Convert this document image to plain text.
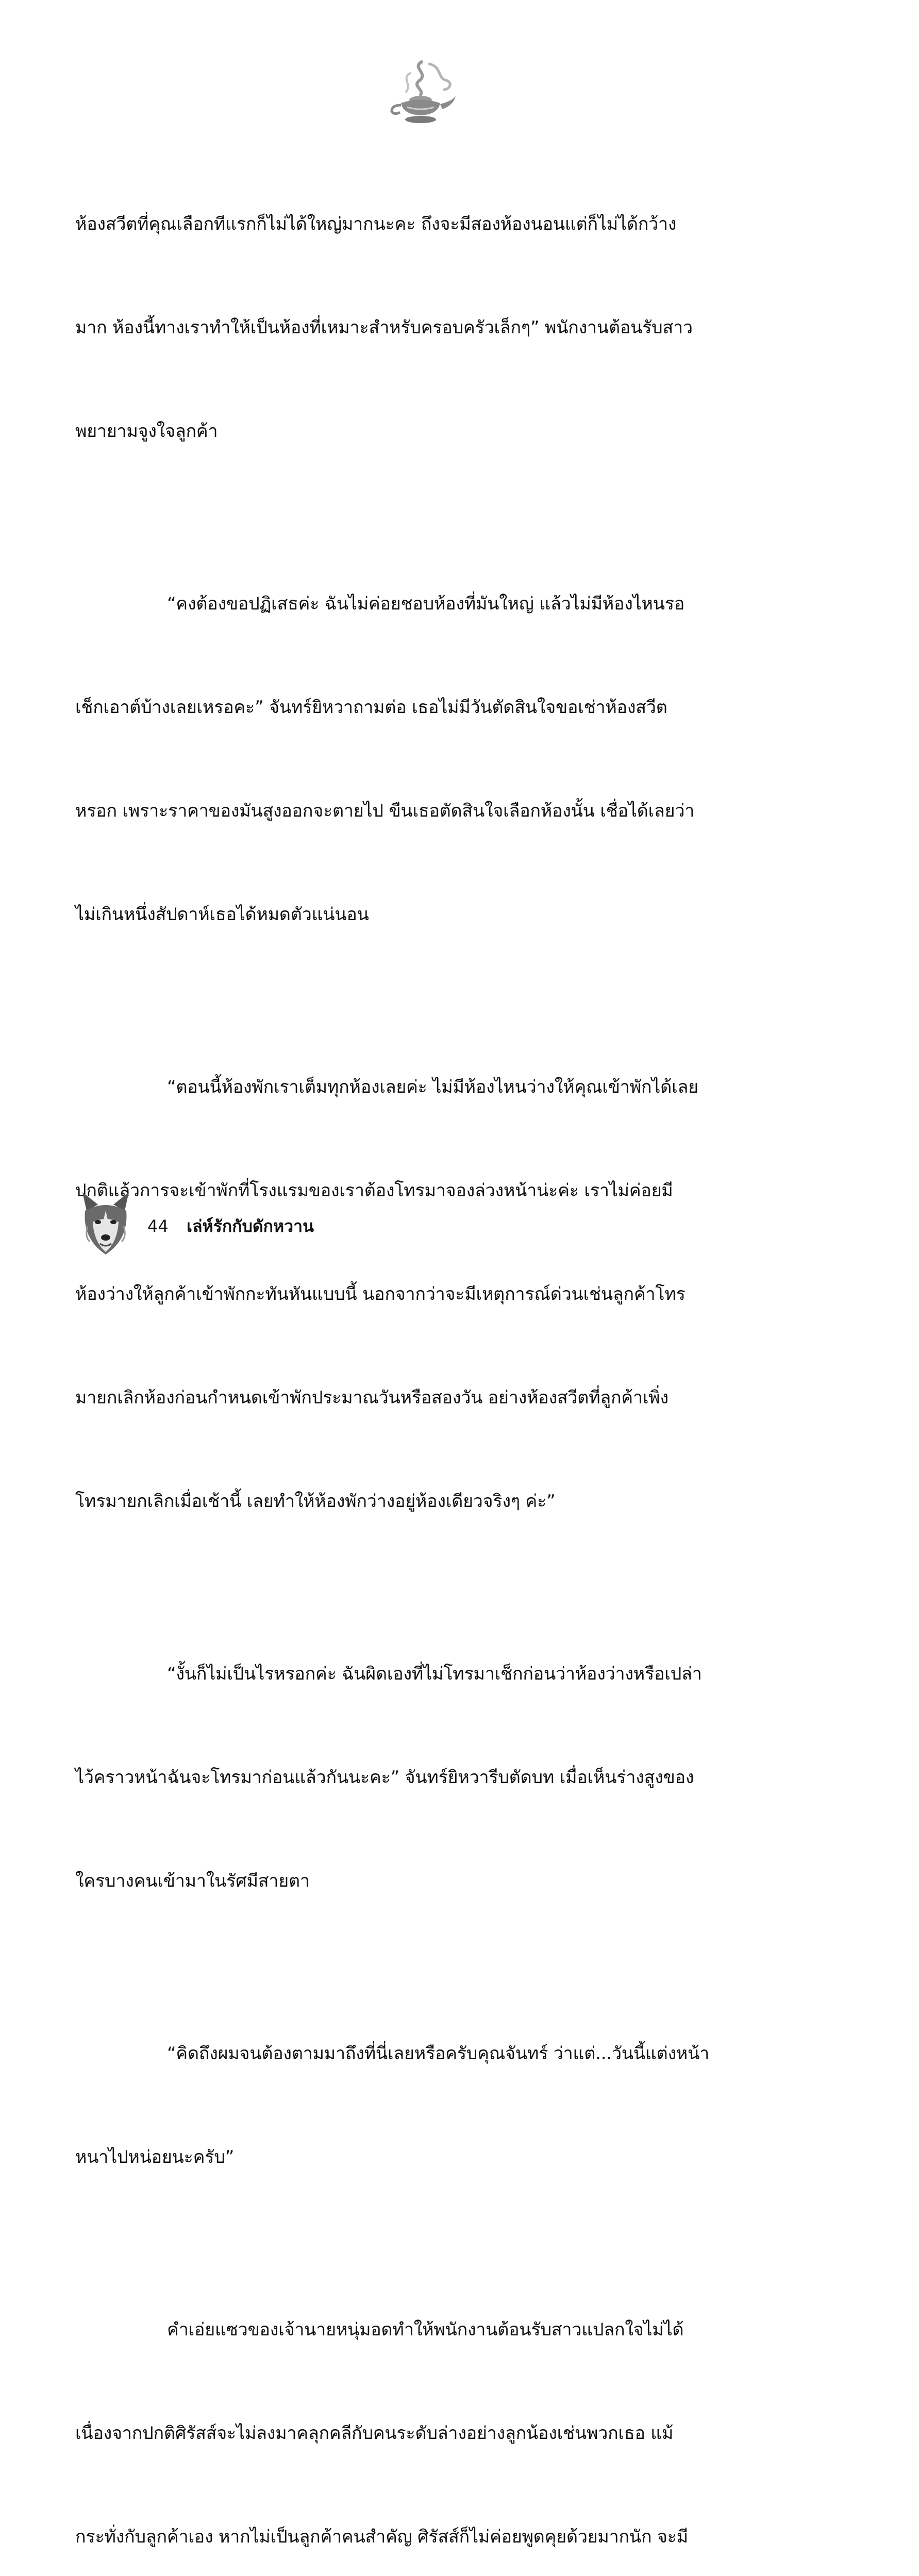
ห้องสวีตที่คุณเลือกทีแรกก็ไม่ได้ใหญ่มากนะคะ ถึงจะมีสองห้องนอนแต่ก็ไม่ได้กว้าง

มาก ห้องนี้ทางเราทำให้เป็นห้องที่เหมาะสำหรับครอบครัวเล็กๆ” พนักงานต้อนรับสาว

พยายามจูงใจลูกค้า

“คงต้องขอปฏิเสธค่ะ ฉันไม่ค่อยชอบห้องที่มันใหญ่ แล้วไม่มีห้องไหนรอ

เช็กเอาต์บ้างเลยเหรอคะ” จันทร์ยิหวาถามต่อ เธอไม่มีวันตัดสินใจขอเช่าห้องสวีต

หรอก เพราะราคาของมันสูงออกจะตายไป ขืนเธอตัดสินใจเลือกห้องนั้น เชื่อได้เลยว่า

ไม่เกินหนึ่งสัปดาห์เธอได้หมดตัวแน่นอน

“ตอนนี้ห้องพักเราเต็มทุกห้องเลยค่ะ ไม่มีห้องไหนว่างให้คุณเข้าพักได้เลย

ปกติแล้วการจะเข้าพักที่โรงแรมของเราต้องโทรมาจองล่วงหน้าน่ะค่ะ เราไม่ค่อยมี

ห้องว่างให้ลูกค้าเข้าพักกะทันหันแบบนี้ นอกจากว่าจะมีเหตุการณ์ด่วนเช่นลูกค้าโทร

มายกเลิกห้องก่อนกำหนดเข้าพักประมาณวันหรือสองวัน อย่างห้องสวีตที่ลูกค้าเพิ่ง

โทรมายกเลิกเมื่อเช้านี้ เลยทำให้ห้องพักว่างอยู่ห้องเดียวจริงๆ ค่ะ”

“งั้นก็ไม่เป็นไรหรอกค่ะ ฉันผิดเองที่ไม่โทรมาเช็กก่อนว่าห้องว่างหรือเปล่า

ไว้คราวหน้าฉันจะโทรมาก่อนแล้วกันนะคะ” จันทร์ยิหวารีบตัดบท เมื่อเห็นร่างสูงของ

ใครบางคนเข้ามาในรัศมีสายตา

“คิดถึงผมจนต้องตามมาถึงที่นี่เลยหรือครับคุณจันทร์ ว่าแต่...วันนี้แต่งหน้า

หนาไปหน่อยนะครับ”

คำเอ่ยแซวของเจ้านายหนุ่มอดทำให้พนักงานต้อนรับสาวแปลกใจไม่ได้

เนื่องจากปกติศิรัสส์จะไม่ลงมาคลุกคลีกับคนระดับล่างอย่างลูกน้องเช่นพวกเธอ แม้

กระทั่งกับลูกค้าเอง หากไม่เป็นลูกค้าคนสำคัญ ศิรัสส์ก็ไม่ค่อยพูดคุยด้วยมากนัก จะมี

44 เล่ห์รักกับดักหวาน
